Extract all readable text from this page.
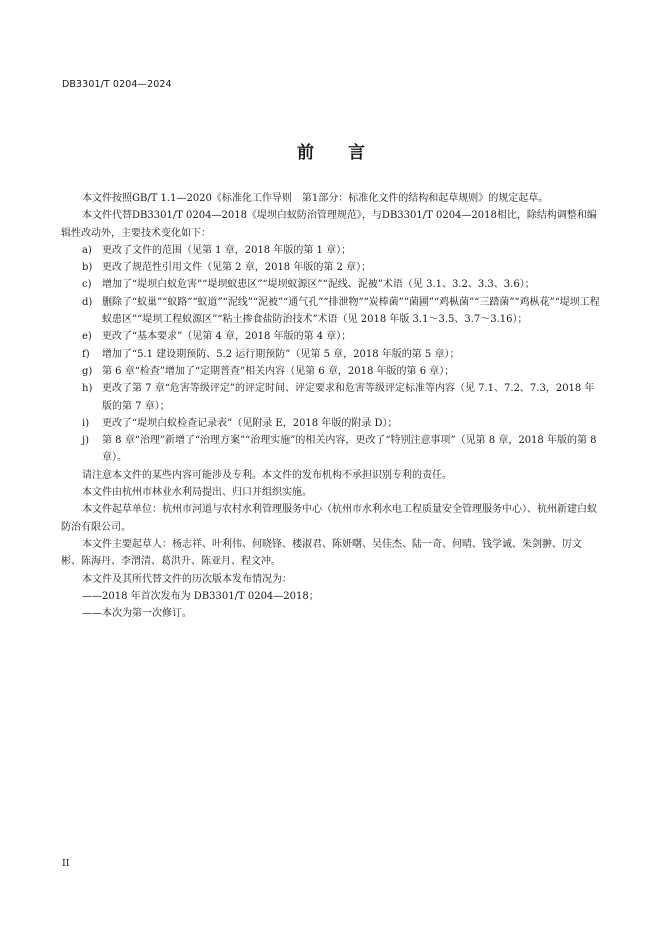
DB3301/T 0204—2024
前 言

本文件按照GB/T 1.1—2020《标准化工作导则　第1部分：标准化文件的结构和起草规则》的规定起草。

本文件代替DB3301/T 0204—2018《堤坝白蚁防治管理规范》，与DB3301/T 0204—2018相比，除结构调整和编辑性改动外，主要技术变化如下：

a)	更改了文件的范围（见第 1 章，2018 年版的第 1 章）；
b) 更改了规范性引用文件（见第 2 章，2018 年版的第 2 章）；
c)	增加了“堤坝白蚁危害”“堤坝蚁患区”“堤坝蚁源区”“泥线、泥被”术语（见 3.1、3.2、3.3、3.6）；
d) 删除了“蚁巢”“蚁路”“蚁道”“泥线”“泥被”“通气孔”“排泄物”“炭棒菌”“菌圃”“鸡枞菌”“三踏菌”“鸡枞花”“堤坝工程蚁患区”“堤坝工程蚁源区”“粘土掺食盐防治技术”术语（见 2018 年版 3.1～3.5、3.7～3.16）；
e)	更改了“基本要求”（见第 4 章，2018 年版的第 4 章）；
f)	增加了“5.1 建设期预防、5.2 运行期预防”（见第 5 章，2018 年版的第 5 章）；
g) 第 6 章“检查”增加了“定期普查”相关内容（见第 6 章，2018 年版的第 6 章）；
h) 更改了第 7 章“危害等级评定”的评定时间、评定要求和危害等级评定标准等内容（见 7.1、7.2、7.3，2018 年版的第 7 章）；
i)	更改了“堤坝白蚁检查记录表”（见附录 E，2018 年版的附录 D）；
j)	第 8 章“治理”新增了“治理方案”“治理实施”的相关内容，更改了“特别注意事项”（见第 8 章，2018 年版的第 8 章）。

请注意本文件的某些内容可能涉及专利。本文件的发布机构不承担识别专利的责任。

本文件由杭州市林业水利局提出、归口并组织实施。

本文件起草单位：杭州市河道与农村水利管理服务中心（杭州市水利水电工程质量安全管理服务中心）、杭州新建白蚁防治有限公司。

本文件主要起草人：杨志祥、叶利伟、何晓锋、楼淑君、陈妍曙、吴佳杰、陆一奇、何晴、钱学诚、朱剑翀、厉文彬、陈海丹、李渭清、葛洪升、陈亚月、程文冲。

本文件及其所代替文件的历次版本发布情况为：

——2018 年首次发布为 DB3301/T 0204—2018；

——本次为第一次修订。

II
